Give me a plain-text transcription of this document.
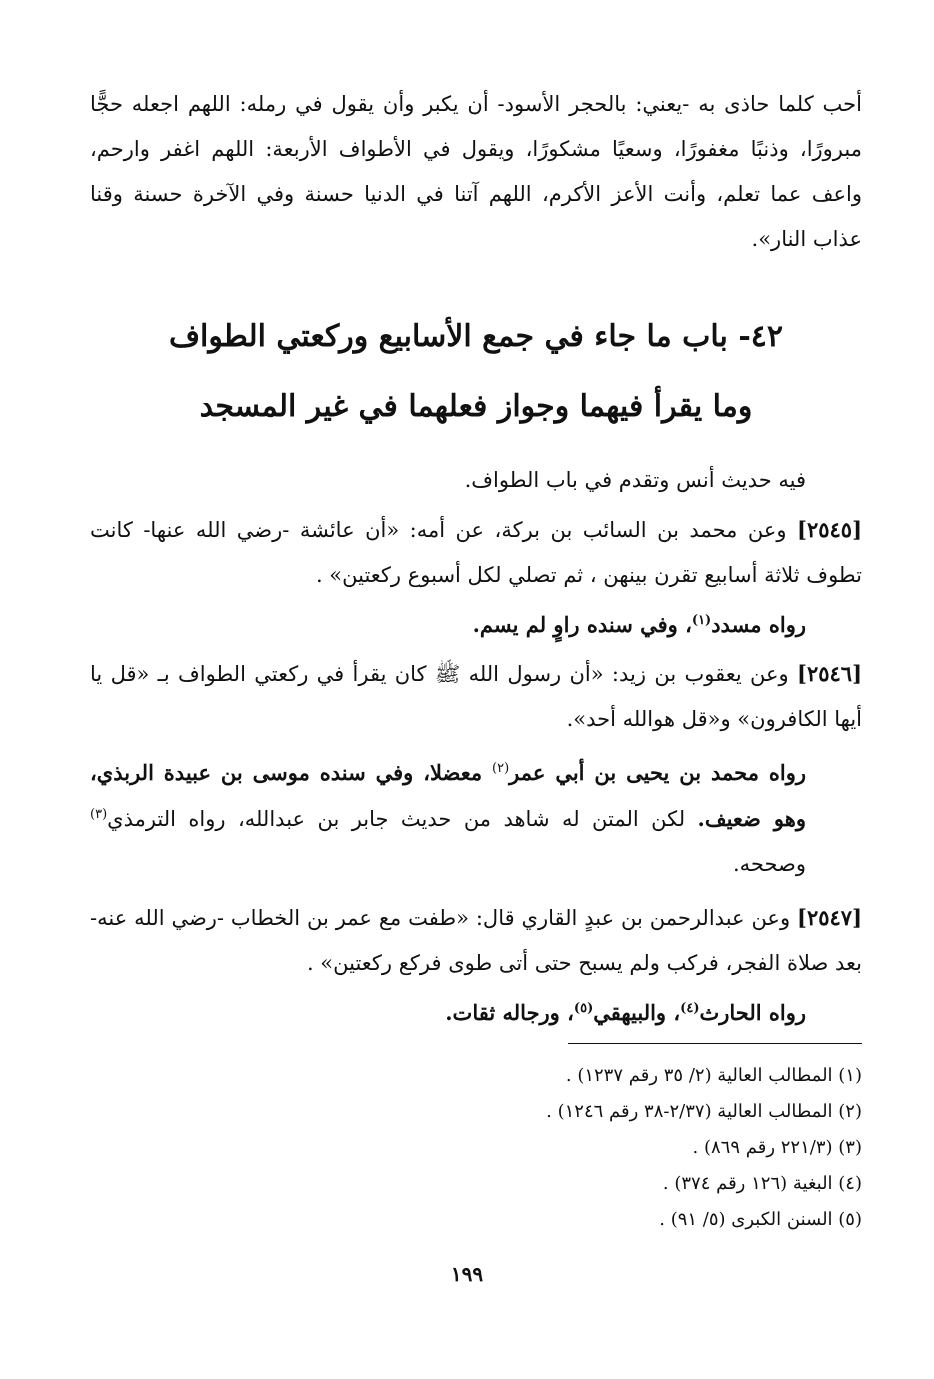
أحب كلما حاذى به -يعني: بالحجر الأسود- أن يكبر وأن يقول في رمله: اللهم اجعله حجًّا مبرورًا، وذنبًا مغفورًا، وسعيًا مشكورًا، ويقول في الأطواف الأربعة: اللهم اغفر وارحم، واعف عما تعلم، وأنت الأعز الأكرم، اللهم آتنا في الدنيا حسنة وفي الآخرة حسنة وقنا عذاب النار».

٤٢- باب ما جاء في جمع الأسابيع وركعتي الطواف

وما يقرأ فيهما وجواز فعلهما في غير المسجد

فيه حديث أنس وتقدم في باب الطواف.

[٢٥٤٥] وعن محمد بن السائب بن بركة، عن أمه: «أن عائشة -رضي الله عنها- كانت تطوف ثلاثة أسابيع تقرن بينهن ، ثم تصلي لكل أسبوع ركعتين» .

رواه مسدد$^{(١)}$، وفي سنده راوٍ لم يسم.

[٢٥٤٦] وعن يعقوب بن زيد: «أن رسول الله ﷺ كان يقرأ في ركعتي الطواف بـ «قل يا أيها الكافرون» و«قل هوالله أحد».

رواه محمد بن يحيى بن أبي عمر$^{(٢)}$ معضلا، وفي سنده موسى بن عبيدة الربذي، وهو ضعيف. لكن المتن له شاهد من حديث جابر بن عبدالله، رواه الترمذي$^{(٣)}$ وصححه.

[٢٥٤٧] وعن عبدالرحمن بن عبدٍ القاري قال: «طفت مع عمر بن الخطاب -رضي الله عنه- بعد صلاة الفجر، فركب ولم يسبح حتى أتى طوى فركع ركعتين» .

رواه الحارث$^{(٤)}$، والبيهقي$^{(٥)}$، ورجاله ثقات.

(١) المطالب العالية (٢/ ٣٥ رقم ١٢٣٧) .

(٢) المطالب العالية (٢/٣٧-٣٨ رقم ١٢٤٦) .

(٣) (٢٢١/٣ رقم ٨٦٩) .

(٤) البغية (١٢٦ رقم ٣٧٤) .

(٥) السنن الكبرى (٥/ ٩١) .

١٩٩
